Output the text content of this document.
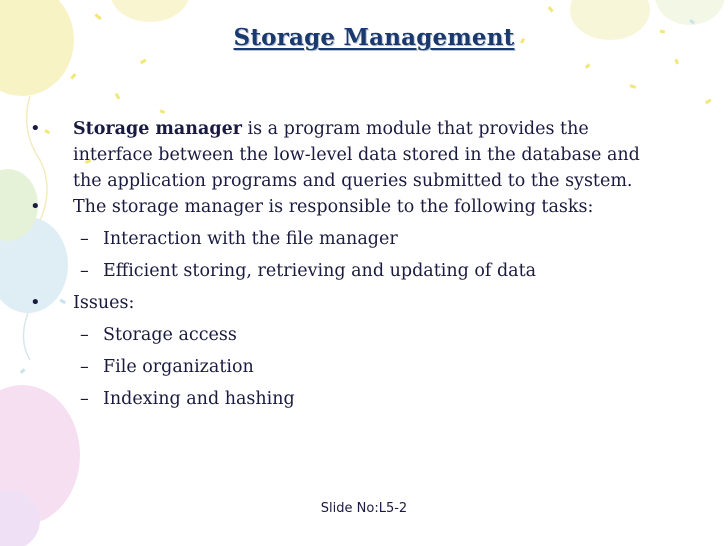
Storage Management
•	Storage manager is a program module that provides the interface between the low-level data stored in the database and the application programs and queries submitted to the system.
•	The storage manager is responsible to the following tasks:
– Interaction with the file manager
– Efficient storing, retrieving and updating of data
•	Issues:
– Storage access
– File organization
– Indexing and hashing
Slide No:L5-2
